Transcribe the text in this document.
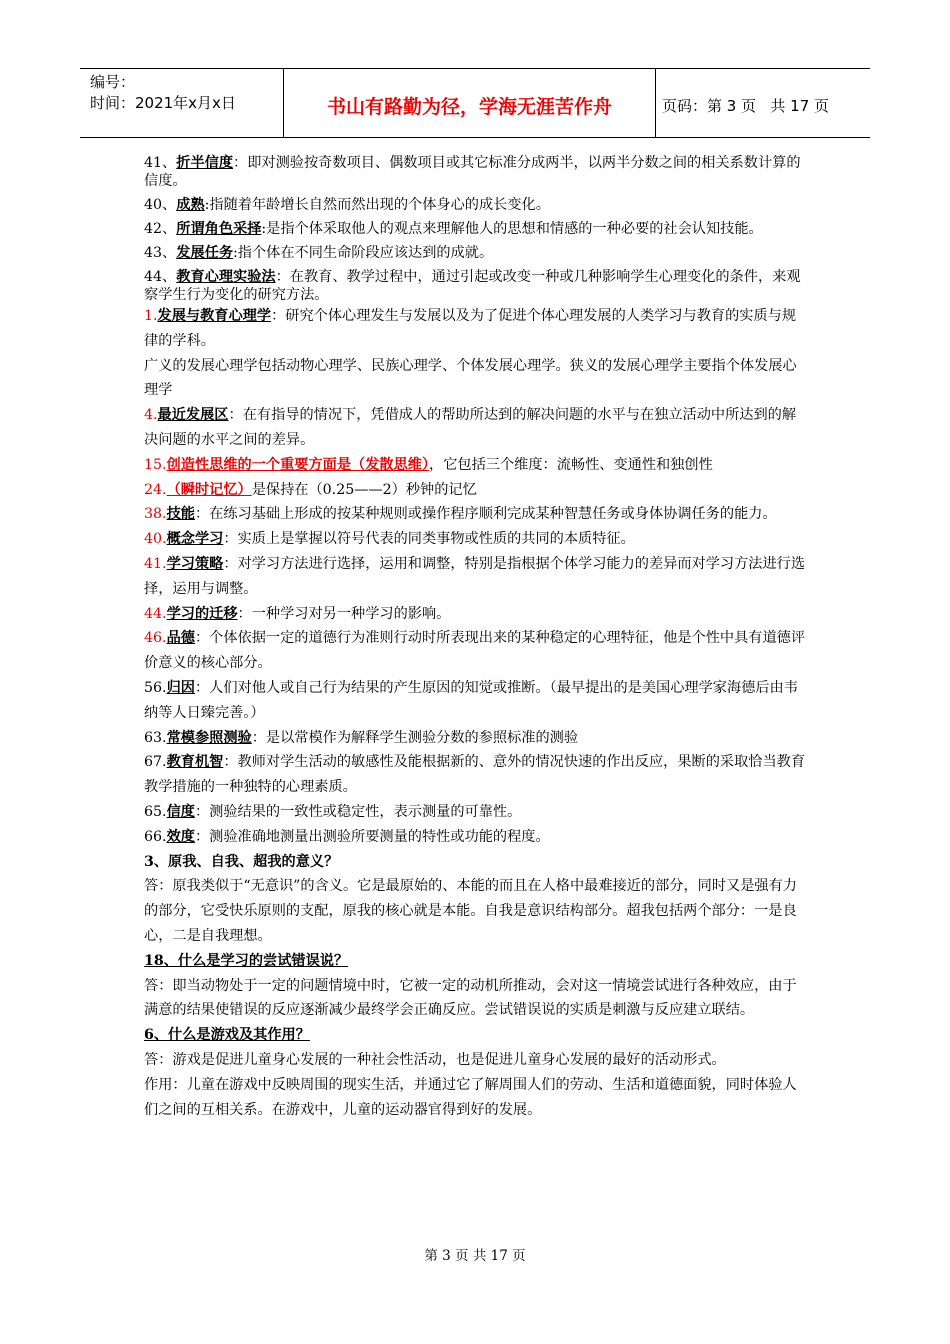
编号：
时间：2021年x月x日	书山有路勤为径，学海无涯苦作舟	页码：第 3 页   共 17 页

41、折半信度：即对测验按奇数项目、偶数项目或其它标准分成两半，以两半分数之间的相关系数计算的信度。

40、成熟:指随着年龄增长自然而然出现的个体身心的成长变化。

42、所谓角色采择:是指个体采取他人的观点来理解他人的思想和情感的一种必要的社会认知技能。

43、发展任务:指个体在不同生命阶段应该达到的成就。

44、教育心理实验法：在教育、教学过程中，通过引起或改变一种或几种影响学生心理变化的条件，来观察学生行为变化的研究方法。

1.发展与教育心理学：研究个体心理发生与发展以及为了促进个体心理发展的人类学习与教育的实质与规律的学科。

广义的发展心理学包括动物心理学、民族心理学、个体发展心理学。狭义的发展心理学主要指个体发展心理学

4.最近发展区：在有指导的情况下，凭借成人的帮助所达到的解决问题的水平与在独立活动中所达到的解决问题的水平之间的差异。

15.创造性思维的一个重要方面是（发散思维），它包括三个维度：流畅性、变通性和独创性

24.（瞬时记忆）是保持在（0.25——2）秒钟的记忆

38.技能：在练习基础上形成的按某种规则或操作程序顺利完成某种智慧任务或身体协调任务的能力。

40.概念学习：实质上是掌握以符号代表的同类事物或性质的共同的本质特征。

41.学习策略：对学习方法进行选择，运用和调整，特别是指根据个体学习能力的差异而对学习方法进行选择，运用与调整。

44.学习的迁移：一种学习对另一种学习的影响。

46.品德：个体依据一定的道德行为准则行动时所表现出来的某种稳定的心理特征，他是个性中具有道德评价意义的核心部分。

56.归因：人们对他人或自己行为结果的产生原因的知觉或推断。（最早提出的是美国心理学家海德后由韦纳等人日臻完善。）

63.常模参照测验：是以常模作为解释学生测验分数的参照标准的测验

67.教育机智：教师对学生活动的敏感性及能根据新的、意外的情况快速的作出反应，果断的采取恰当教育教学措施的一种独特的心理素质。

65.信度：测验结果的一致性或稳定性，表示测量的可靠性。

66.效度：测验准确地测量出测验所要测量的特性或功能的程度。

3、原我、自我、超我的意义？

答：原我类似于“无意识”的含义。它是最原始的、本能的而且在人格中最难接近的部分，同时又是强有力的部分，它受快乐原则的支配，原我的核心就是本能。自我是意识结构部分。超我包括两个部分：一是良心，二是自我理想。

18、什么是学习的尝试错误说？

答：即当动物处于一定的问题情境中时，它被一定的动机所推动，会对这一情境尝试进行各种效应，由于满意的结果使错误的反应逐渐减少最终学会正确反应。尝试错误说的实质是刺激与反应建立联结。

6、什么是游戏及其作用？

答：游戏是促进儿童身心发展的一种社会性活动，也是促进儿童身心发展的最好的活动形式。

作用：儿童在游戏中反映周围的现实生活，并通过它了解周围人们的劳动、生活和道德面貌，同时体验人们之间的互相关系。在游戏中，儿童的运动器官得到好的发展。

第 3 页 共 17 页
